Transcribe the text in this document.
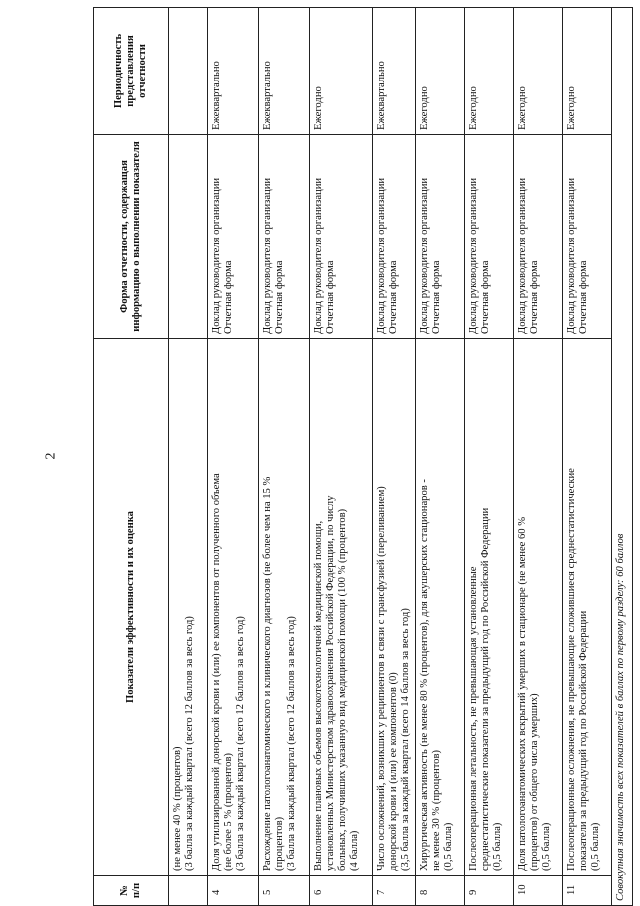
2
№ п/п	Показатели эффективности и их оценка	Форма отчетности, содержащая информацию о выполнении показателя	Периодичность представления отчетности

	(не менее 40 % (процентов) (3 балла за каждый квартал (всего 12 баллов за весь год)		

4	Доля утилизированной донорской крови и (или) ее компонентов от полученного объема (не более 5 % (процентов) (3 балла за каждый квартал (всего 12 баллов за весь год)	Доклад руководителя организации Отчетная форма	Ежеквартально
5	Расхождение патологоанатомического и клинического диагнозов (не более чем на 15 % (процентов) (3 балла за каждый квартал (всего 12 баллов за весь год)	Доклад руководителя организации Отчетная форма	Ежеквартально
6	Выполнение плановых объемов высокотехнологичной медицинской помощи, установленных Министерством здравоохранения Российской Федерации, по числу больных, получивших указанную вид медицинской помощи (100 % (процентов) (4 балла)	Доклад руководителя организации Отчетная форма	Ежегодно
7	Число осложнений, возникших у реципиентов в связи с трансфузией (переливанием) донорской крови и (или) ее компонентов (0) (3,5 балла за каждый квартал (всего 14 баллов за весь год)	Доклад руководителя организации Отчетная форма	Ежеквартально
8	Хирургическая активность (не менее 80 % (процентов), для акушерских стационаров - не менее 30 % (процентов) (0,5 балла)	Доклад руководителя организации Отчетная форма	Ежегодно
9	Послеоперационная летальность, не превышающая установленные среднестатистические показатели за предыдущий год по Российской Федерации (0,5 балла)	Доклад руководителя организации Отчетная форма	Ежегодно
10	Доля патологоанатомических вскрытий умерших в стационаре (не менее 60 % (процентов) от общего числа умерших) (0,5 балла)	Доклад руководителя организации Отчетная форма	Ежегодно
11	Послеоперационные осложнения, не превышающие сложившиеся среднестатистические показатели за предыдущий год по Российской Федерации (0,5 балла)	Доклад руководителя организации Отчетная форма	Ежегодно
Совокупная значимость всех показателей в баллах по первому разделу: 60 баллов			
